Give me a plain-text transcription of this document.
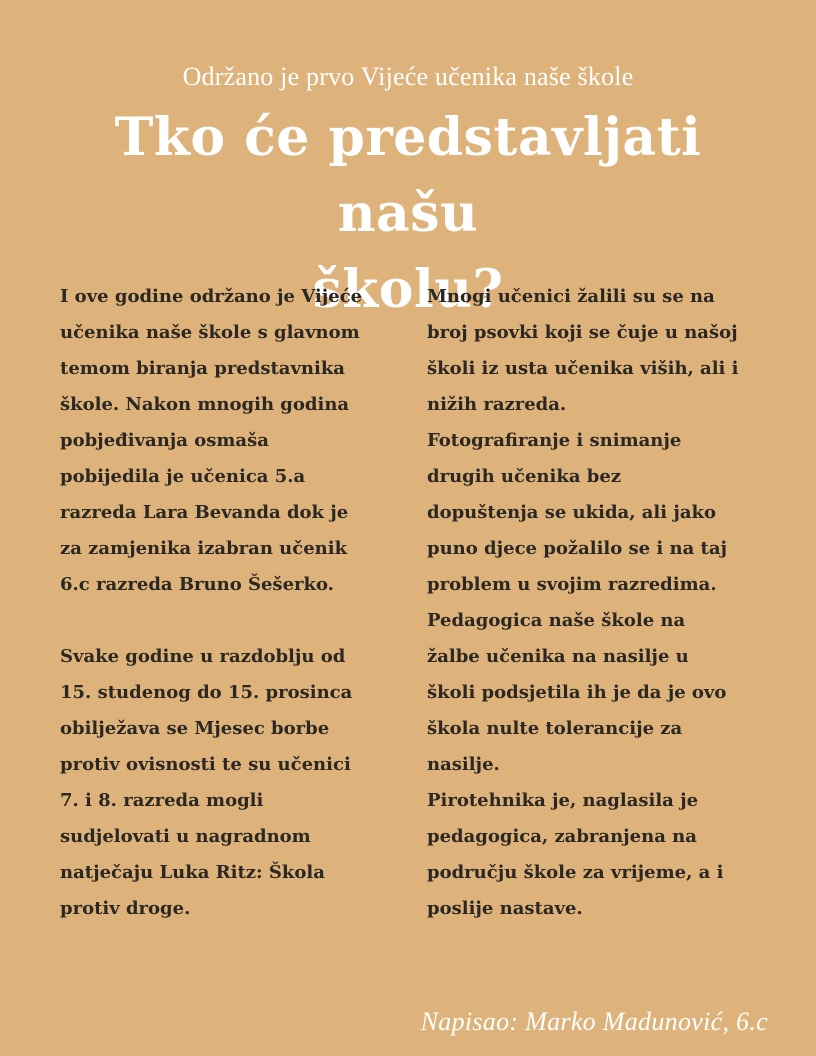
Održano je prvo Vijeće učenika naše škole
Tko će predstavljati našu
školu?

I ove godine održano je Vijeće
učenika naše škole s glavnom
temom biranja predstavnika
škole. Nakon mnogih godina
pobjeđivanja osmaša
pobijedila je učenica 5.a
razreda Lara Bevanda dok je
za zamjenika izabran učenik
6.c razreda Bruno Šešerko.

Svake godine u razdoblju od
15. studenog do 15. prosinca
obilježava se Mjesec borbe
protiv ovisnosti te su učenici
7. i 8. razreda mogli
sudjelovati u nagradnom
natječaju Luka Ritz: Škola
protiv droge.

Mnogi učenici žalili su se na
broj psovki koji se čuje u našoj
školi iz usta učenika viših, ali i
nižih razreda.

Fotografiranje i snimanje
drugih učenika bez
dopuštenja se ukida, ali jako
puno djece požalilo se i na taj
problem u svojim razredima.

Pedagogica naše škole na
žalbe učenika na nasilje u
školi podsjetila ih je da je ovo
škola nulte tolerancije za
nasilje.

Pirotehnika je, naglasila je
pedagogica, zabranjena na
području škole za vrijeme, a i
poslije nastave.

Napisao: Marko Madunović, 6.c
